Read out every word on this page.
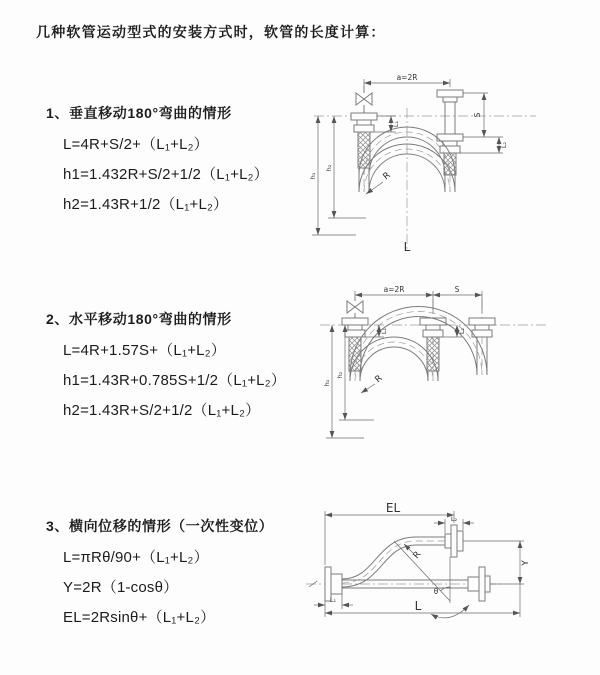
几种软管运动型式的安装方式时，软管的长度计算：
1、垂直移动180°弯曲的情形
L=4R+S/2+（L₁+L₂）
h1=1.432R+S/2+1/2（L₁+L₂）
h2=1.43R+1/2（L₁+L₂）
a=2R
L₁
S
L₂
h₁
h₂
R
L
2、水平移动180°弯曲的情形
L=4R+1.57S+（L₁+L₂）
h1=1.43R+0.785S+1/2（L₁+L₂）
h2=1.43R+S/2+1/2（L₁+L₂）
a=2R	S
h₁
h₂
L₁	L₂
R
3、横向位移的情形（一次性变位）
L=πRθ/90+（L₁+L₂）
Y=2R（1-cosθ）
EL=2Rsinθ+（L₁+L₂）
EL
L₂
Y
L
L₁
θ
R
